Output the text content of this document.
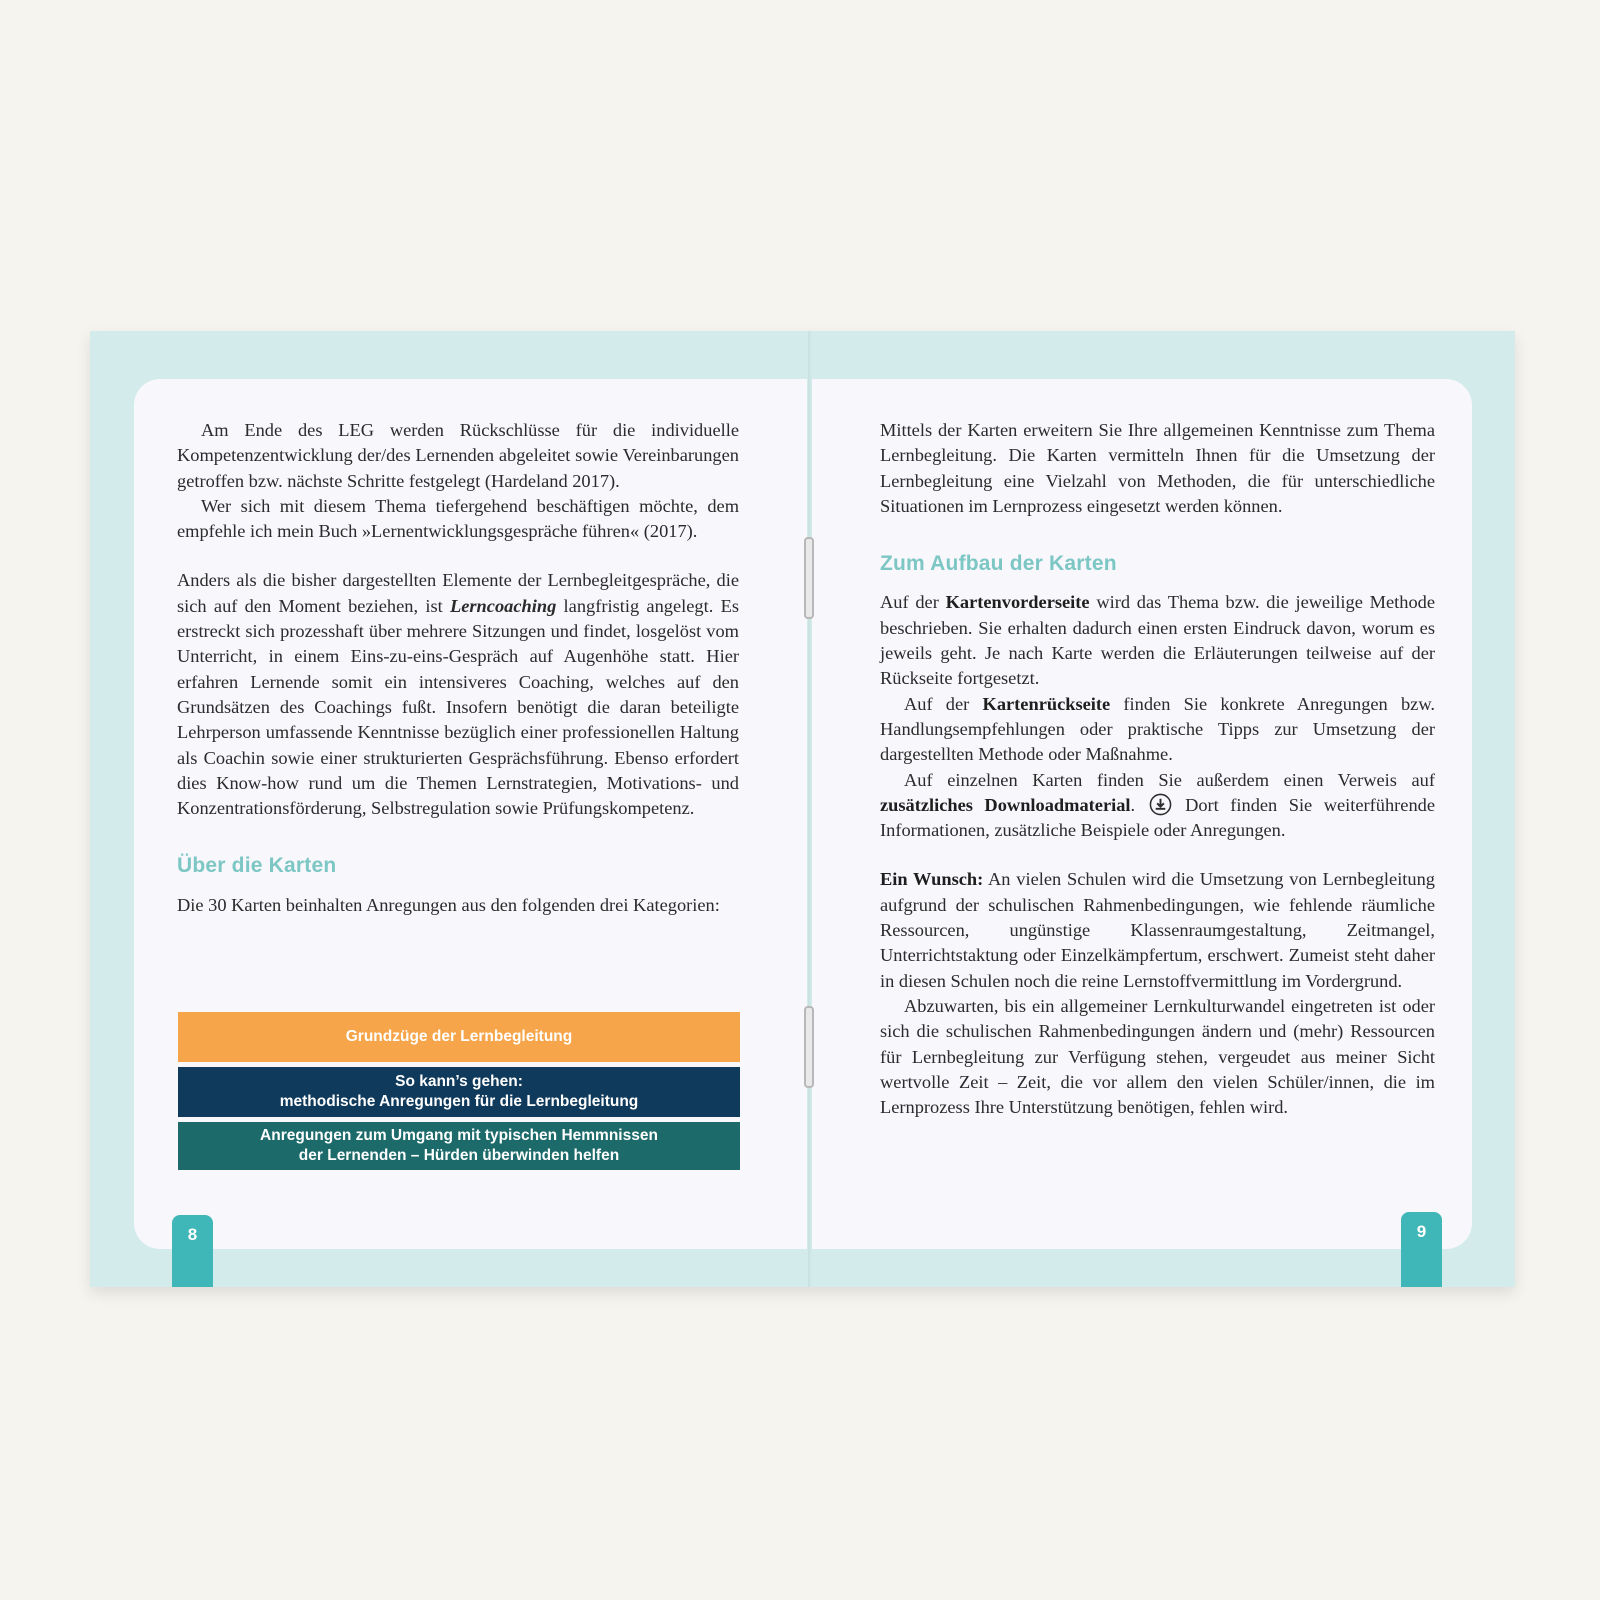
Am Ende des LEG werden Rückschlüsse für die individuelle Kompetenzentwicklung der/des Lernenden abgeleitet sowie Vereinbarungen getroffen bzw. nächste Schritte festgelegt (Hardeland 2017).

Wer sich mit diesem Thema tiefergehend beschäftigen möchte, dem empfehle ich mein Buch »Lernentwicklungsgespräche führen« (2017).

Anders als die bisher dargestellten Elemente der Lernbegleitgespräche, die sich auf den Moment beziehen, ist Lerncoaching langfristig angelegt. Es erstreckt sich prozesshaft über mehrere Sitzungen und findet, losgelöst vom Unterricht, in einem Eins-zu-eins-Gespräch auf Augenhöhe statt. Hier erfahren Lernende somit ein intensiveres Coaching, welches auf den Grundsätzen des Coachings fußt. Insofern benötigt die daran beteiligte Lehrperson umfassende Kenntnisse bezüglich einer professionellen Haltung als Coachin sowie einer strukturierten Gesprächsführung. Ebenso erfordert dies Know-how rund um die Themen Lernstrategien, Motivations- und Konzentrationsförderung, Selbstregulation sowie Prüfungskompetenz.

Über die Karten

Die 30 Karten beinhalten Anregungen aus den folgenden drei Kategorien:

Grundzüge der Lernbegleitung
So kann’s gehen:
methodische Anregungen für die Lernbegleitung
Anregungen zum Umgang mit typischen Hemmnissen
der Lernenden – Hürden überwinden helfen
8

Mittels der Karten erweitern Sie Ihre allgemeinen Kenntnisse zum Thema Lernbegleitung. Die Karten vermitteln Ihnen für die Umsetzung der Lernbegleitung eine Vielzahl von Methoden, die für unterschiedliche Situationen im Lernprozess eingesetzt werden können.

Zum Aufbau der Karten

Auf der Kartenvorderseite wird das Thema bzw. die jeweilige Methode beschrieben. Sie erhalten dadurch einen ersten Eindruck davon, worum es jeweils geht. Je nach Karte werden die Erläuterungen teilweise auf der Rückseite fortgesetzt.

Auf der Kartenrückseite finden Sie konkrete Anregungen bzw. Handlungsempfehlungen oder praktische Tipps zur Umsetzung der dargestellten Methode oder Maßnahme.

Auf einzelnen Karten finden Sie außerdem einen Verweis auf zusätzliches Downloadmaterial.  Dort finden Sie weiterführende Informationen, zusätzliche Beispiele oder Anregungen.

Ein Wunsch: An vielen Schulen wird die Umsetzung von Lernbegleitung aufgrund der schulischen Rahmenbedingungen, wie fehlende räumliche Ressourcen, ungünstige Klassenraumgestaltung, Zeitmangel, Unterrichtstaktung oder Einzelkämpfertum, erschwert. Zumeist steht daher in diesen Schulen noch die reine Lernstoffvermittlung im Vordergrund.

Abzuwarten, bis ein allgemeiner Lernkulturwandel eingetreten ist oder sich die schulischen Rahmenbedingungen ändern und (mehr) Ressourcen für Lernbegleitung zur Verfügung stehen, vergeudet aus meiner Sicht wertvolle Zeit – Zeit, die vor allem den vielen Schüler/innen, die im Lernprozess Ihre Unterstützung benötigen, fehlen wird.

9
